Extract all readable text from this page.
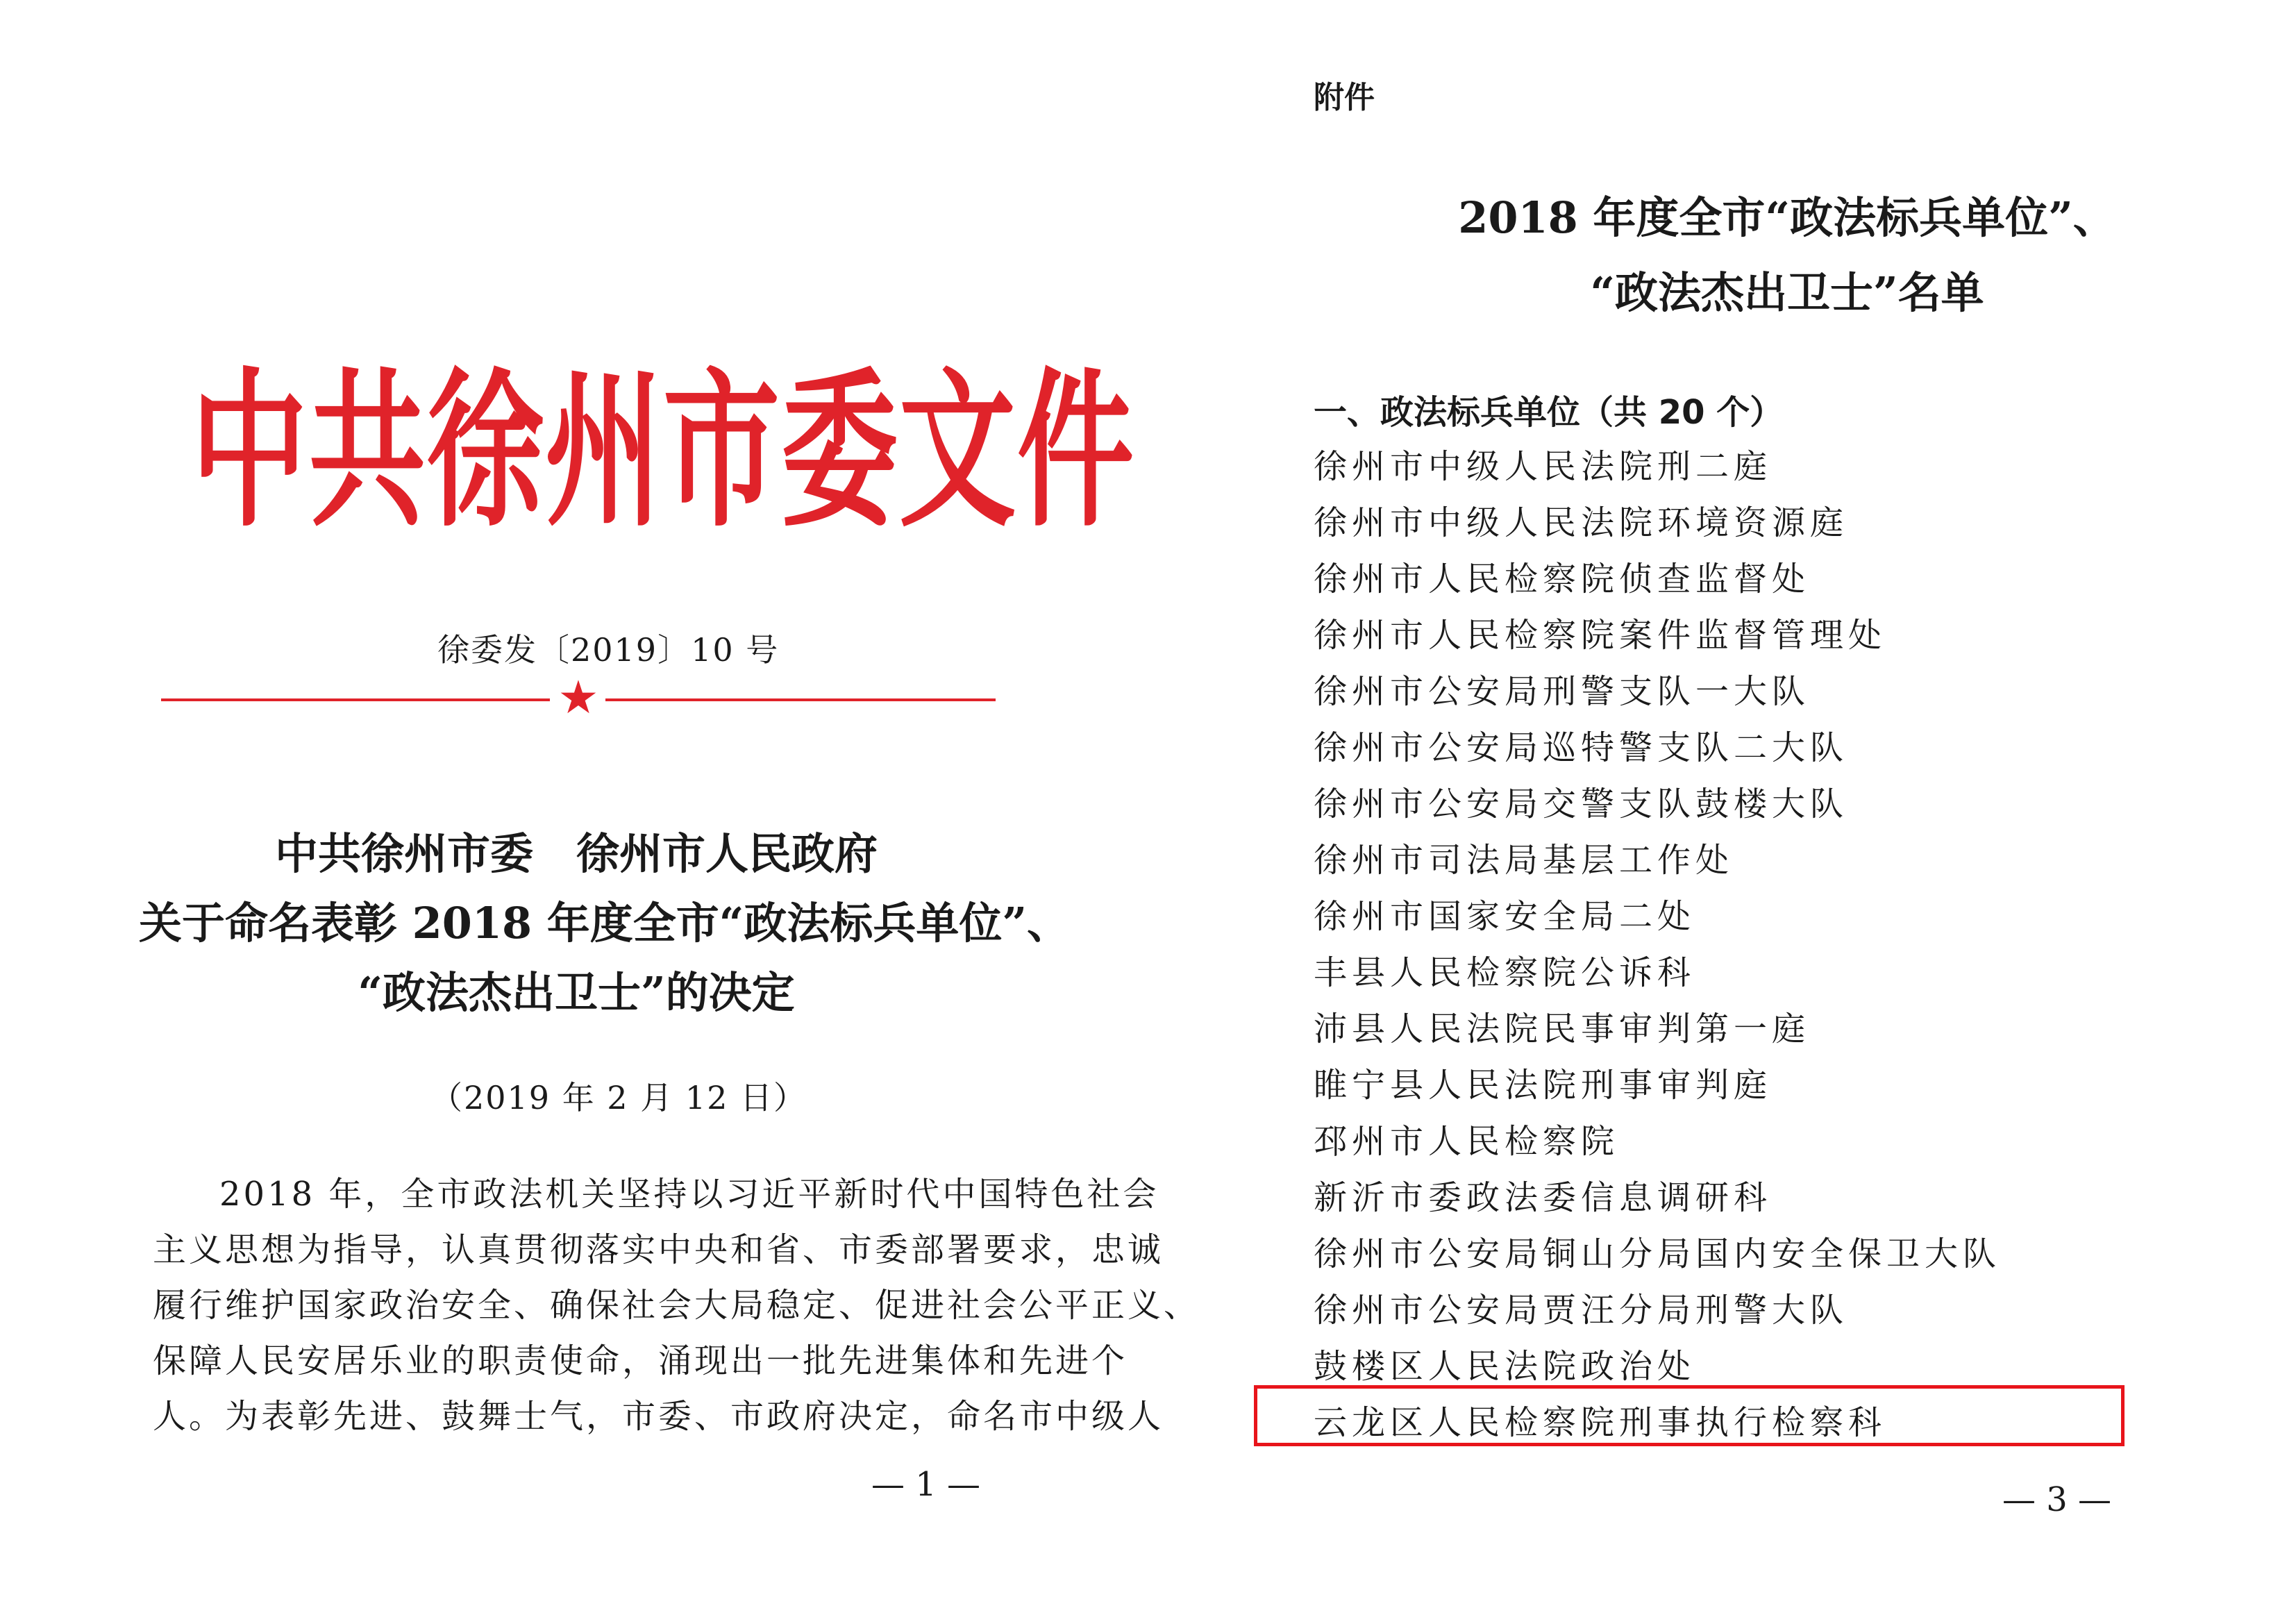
中 共 徐 州 市 委 文 件
徐委发〔2019〕10 号
★
中共徐州市委　徐州市人民政府
关于命名表彰 2018 年度全市“政法标兵单位”、
“政法杰出卫士”的决定
（2019 年 2 月 12 日）
2018 年，全市政法机关坚持以习近平新时代中国特色社会
主义思想为指导，认真贯彻落实中央和省、市委部署要求，忠诚
履行维护国家政治安全、确保社会大局稳定、促进社会公平正义、
保障人民安居乐业的职责使命，涌现出一批先进集体和先进个
人。为表彰先进、鼓舞士气，市委、市政府决定，命名市中级人
— 1 —
附件
2018 年度全市“政法标兵单位”、
“政法杰出卫士”名单
一、政法标兵单位（共 20 个）
徐州市中级人民法院刑二庭
徐州市中级人民法院环境资源庭
徐州市人民检察院侦查监督处
徐州市人民检察院案件监督管理处
徐州市公安局刑警支队一大队
徐州市公安局巡特警支队二大队
徐州市公安局交警支队鼓楼大队
徐州市司法局基层工作处
徐州市国家安全局二处
丰县人民检察院公诉科
沛县人民法院民事审判第一庭
睢宁县人民法院刑事审判庭
邳州市人民检察院
新沂市委政法委信息调研科
徐州市公安局铜山分局国内安全保卫大队
徐州市公安局贾汪分局刑警大队
鼓楼区人民法院政治处
云龙区人民检察院刑事执行检察科
— 3 —
